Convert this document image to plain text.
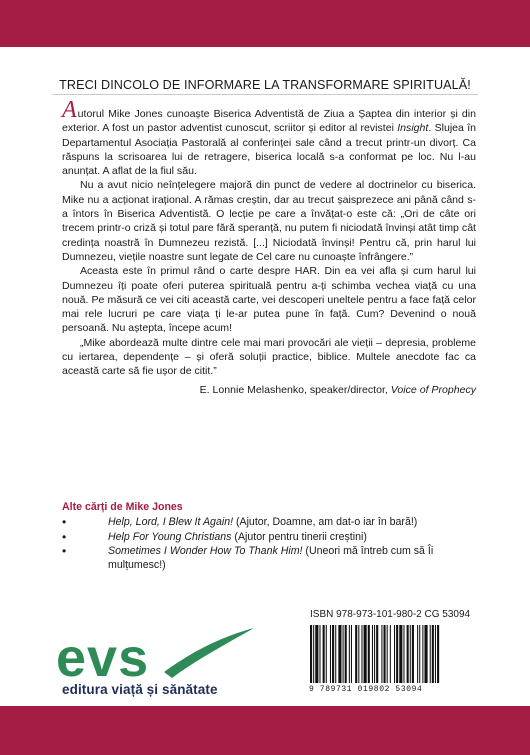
TRECI DINCOLO DE INFORMARE LA TRANSFORMARE SPIRITUALĂ!

Autorul Mike Jones cunoaște Biserica Adventistă de Ziua a Șaptea din interior și din exterior. A fost un pastor adventist cunoscut, scriitor și editor al revistei Insight. Slujea în Departamentul Asociația Pastorală al conferinței sale când a trecut printr-un divorț. Ca răspuns la scrisoarea lui de retragere, biserica locală s-a conformat pe loc. Nu l-au anunțat. A aflat de la fiul său.

Nu a avut nicio neînțelegere majoră din punct de vedere al doctrinelor cu biserica. Mike nu a acționat irațional. A rămas creștin, dar au trecut șaisprezece ani până când s-a întors în Biserica Adventistă. O lecție pe care a învățat-o este că: „Ori de câte ori trecem printr-o criză și totul pare fără speranță, nu putem fi niciodată învinși atât timp cât credința noastră în Dumnezeu rezistă. [...] Niciodată învinși! Pentru că, prin harul lui Dumnezeu, viețile noastre sunt legate de Cel care nu cunoaște înfrângere.”

Aceasta este în primul rând o carte despre HAR. Din ea vei afla și cum harul lui Dumnezeu îți poate oferi puterea spirituală pentru a-ți schimba vechea viață cu una nouă. Pe măsură ce vei citi această carte, vei descoperi uneltele pentru a face față celor mai rele lucruri pe care viața ți le-ar putea pune în față. Cum? Devenind o nouă persoană. Nu aștepta, începe acum!

„Mike abordează multe dintre cele mai mari provocări ale vieții – depresia, probleme cu iertarea, dependențe – și oferă soluții practice, biblice. Multele anecdote fac ca această carte să fie ușor de citit.”

E. Lonnie Melashenko, speaker/director, Voice of Prophecy

Alte cărți de Mike Jones
•	Help, Lord, I Blew It Again! (Ajutor, Doamne, am dat-o iar în bară!)
•	Help For Young Christians (Ajutor pentru tinerii creștini)
•	Sometimes I Wonder How To Thank Him! (Uneori mă întreb cum să Îi mulțumesc!)
evs
editura viață și sănătate
ISBN 978-973-101-980-2 CG 53094
9 789731 019802 53094
